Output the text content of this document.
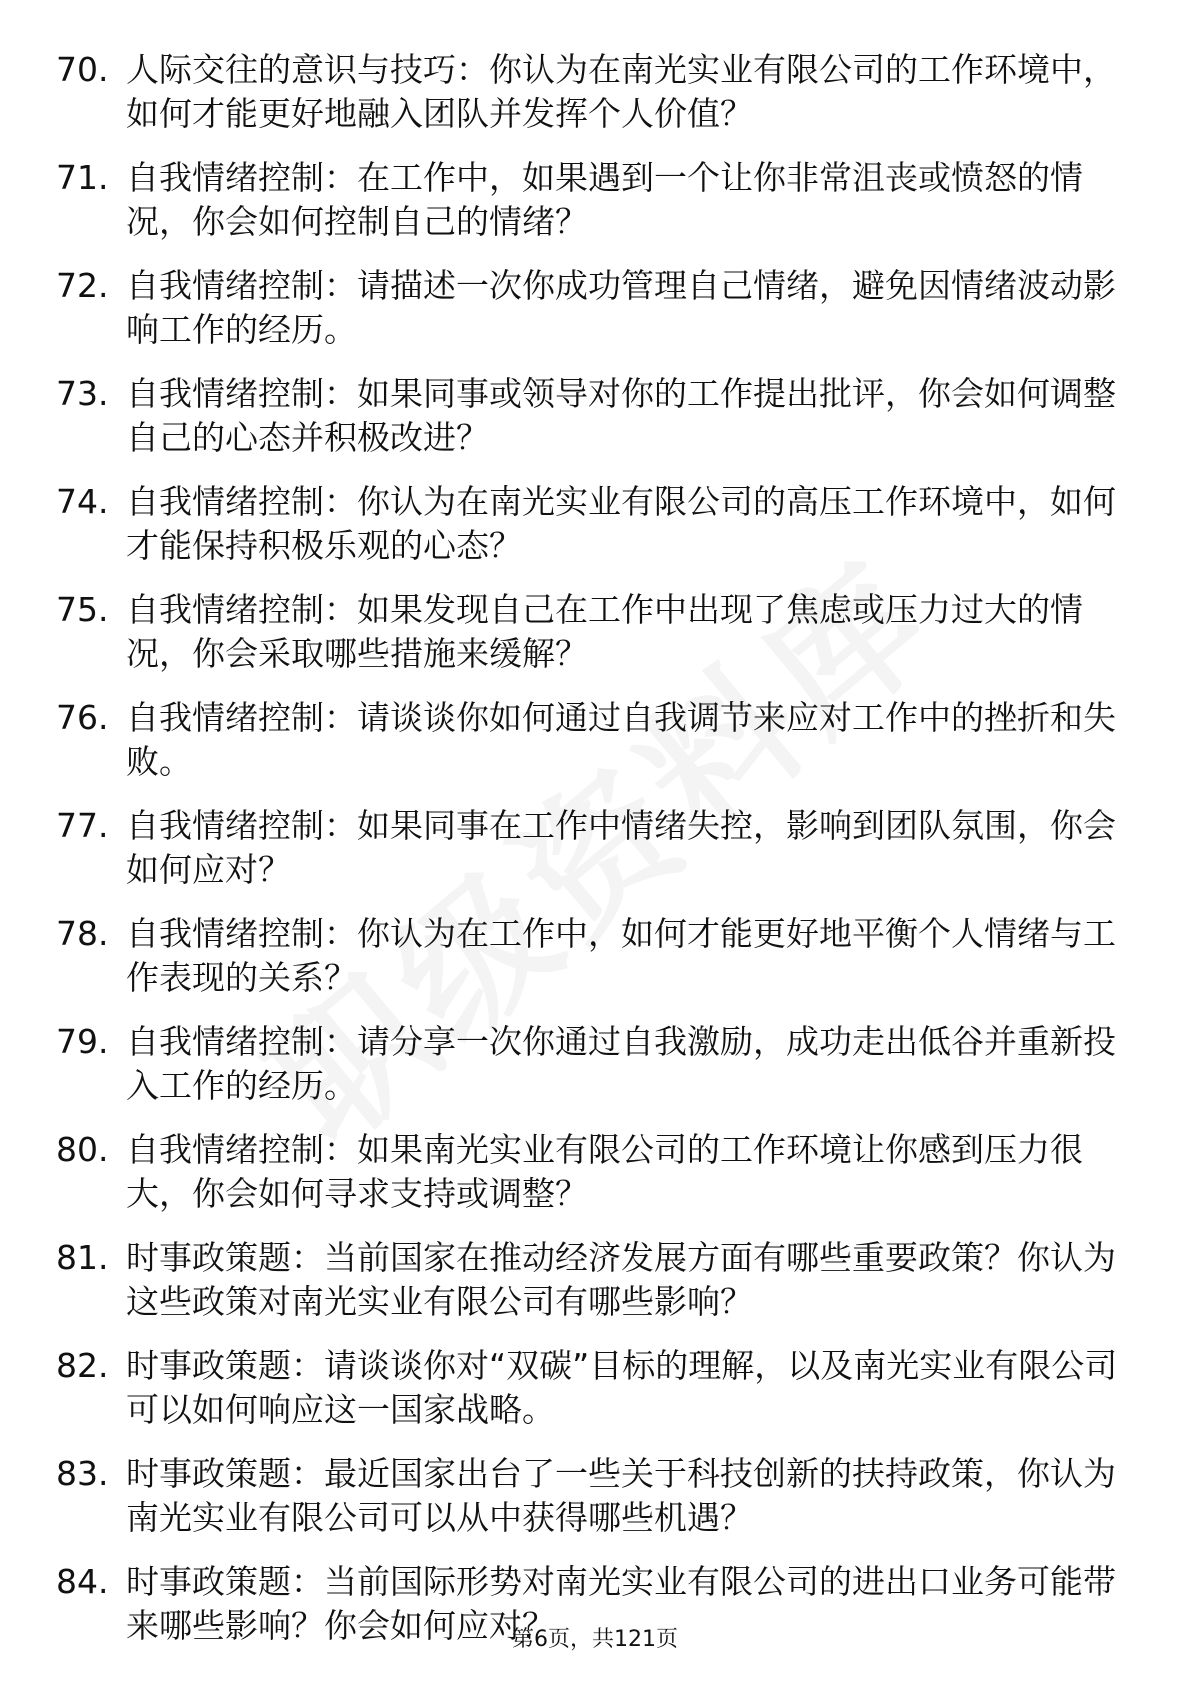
70. 人际交往的意识与技巧：你认为在南光实业有限公司的工作环境中，如何才能更好地融入团队并发挥个人价值？
71. 自我情绪控制：在工作中，如果遇到一个让你非常沮丧或愤怒的情况，你会如何控制自己的情绪？
72. 自我情绪控制：请描述一次你成功管理自己情绪，避免因情绪波动影响工作的经历。
73. 自我情绪控制：如果同事或领导对你的工作提出批评，你会如何调整自己的心态并积极改进？
74. 自我情绪控制：你认为在南光实业有限公司的高压工作环境中，如何才能保持积极乐观的心态？
75. 自我情绪控制：如果发现自己在工作中出现了焦虑或压力过大的情况，你会采取哪些措施来缓解？
76. 自我情绪控制：请谈谈你如何通过自我调节来应对工作中的挫折和失败。
77. 自我情绪控制：如果同事在工作中情绪失控，影响到团队氛围，你会如何应对？
78. 自我情绪控制：你认为在工作中，如何才能更好地平衡个人情绪与工作表现的关系？
79. 自我情绪控制：请分享一次你通过自我激励，成功走出低谷并重新投入工作的经历。
80. 自我情绪控制：如果南光实业有限公司的工作环境让你感到压力很大，你会如何寻求支持或调整？
81. 时事政策题：当前国家在推动经济发展方面有哪些重要政策？你认为这些政策对南光实业有限公司有哪些影响？
82. 时事政策题：请谈谈你对“双碳”目标的理解，以及南光实业有限公司可以如何响应这一国家战略。
83. 时事政策题：最近国家出台了一些关于科技创新的扶持政策，你认为南光实业有限公司可以从中获得哪些机遇？
84. 时事政策题：当前国际形势对南光实业有限公司的进出口业务可能带来哪些影响？你会如何应对？
第6页，共121页
